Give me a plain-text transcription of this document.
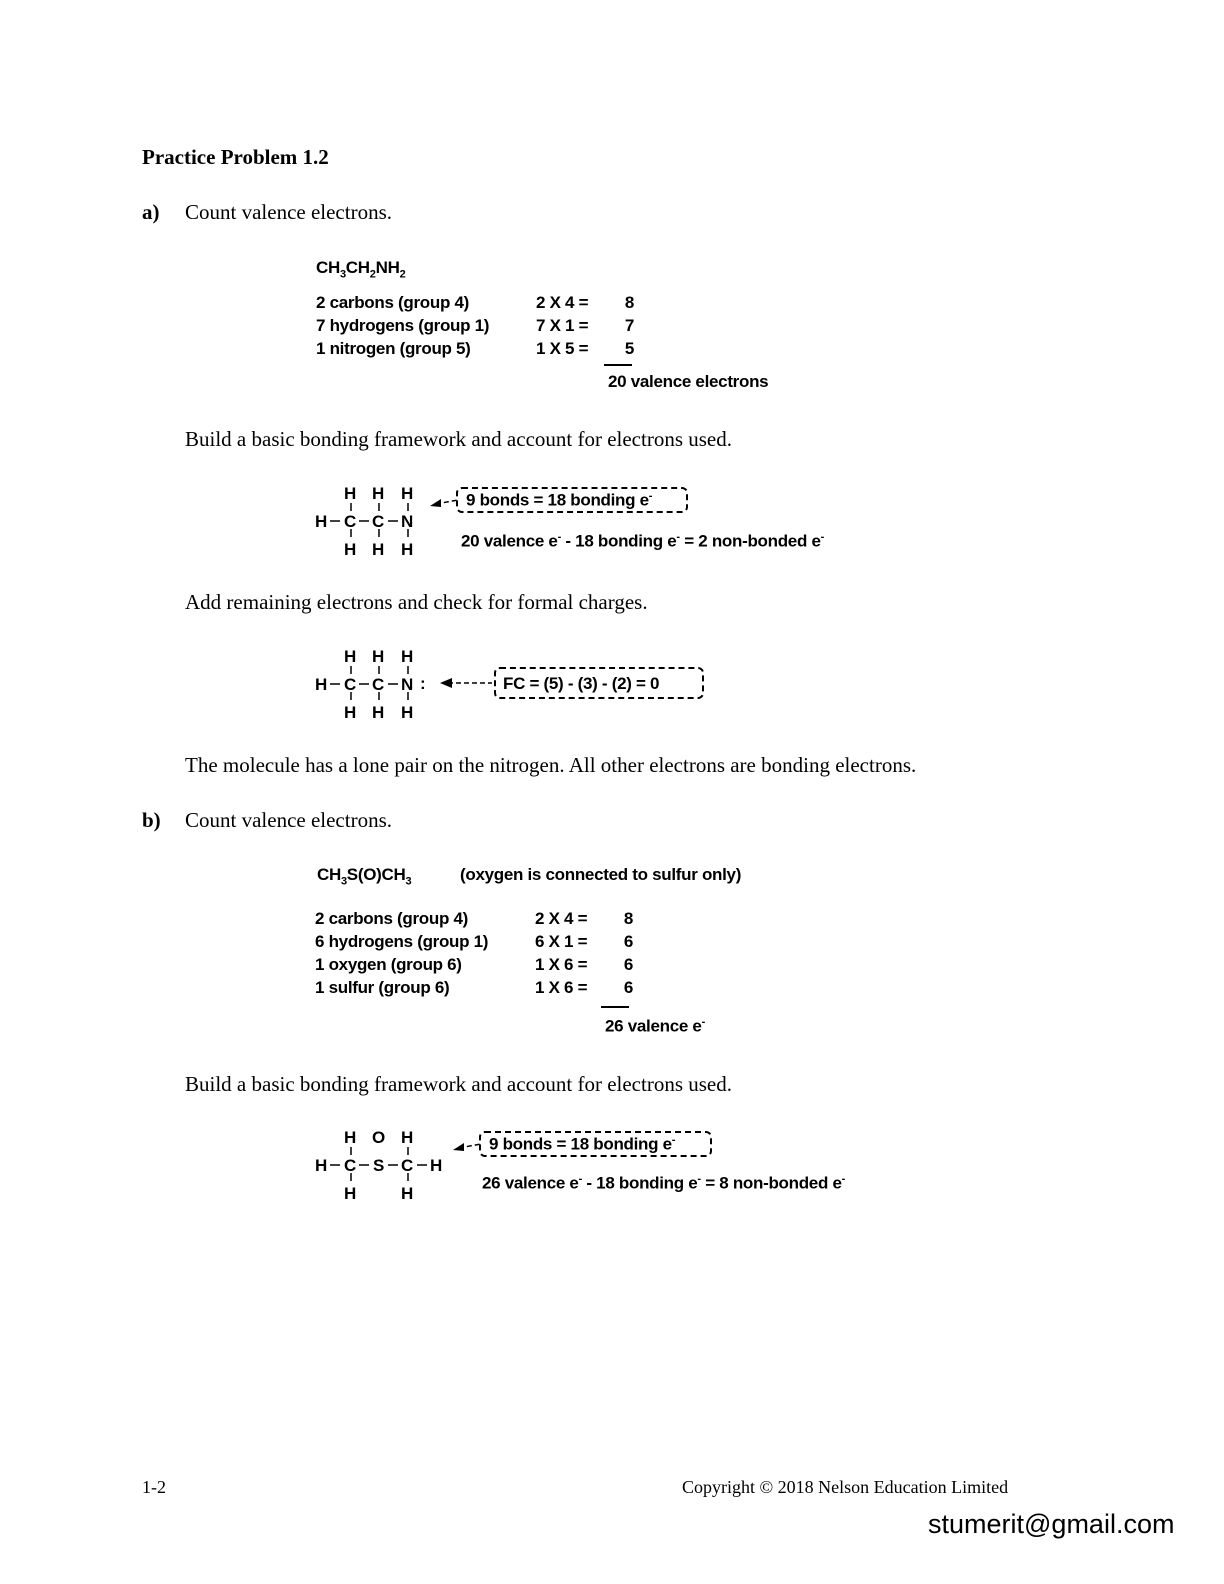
Practice Problem 1.2
a) Count valence electrons.
$CH_3CH_2NH_2$
2 carbons (group 4)	2 X 4 =	8
7 hydrogens (group 1)	7 X 1 =	7
1 nitrogen (group 5)	1 X 5 =	5
20 valence electrons
Build a basic bonding framework and account for electrons used.
H H H
H C C N
H H H
9 bonds = 18 bonding e-
20 valence e- - 18 bonding e- = 2 non-bonded e-
Add remaining electrons and check for formal charges.
H H H
H C C N :
H H H
FC = (5) - (3) - (2) = 0
The molecule has a lone pair on the nitrogen. All other electrons are bonding electrons.
b) Count valence electrons.
$CH_3S(O)CH_3$	(oxygen is connected to sulfur only)
2 carbons (group 4)	2 X 4 =	8
6 hydrogens (group 1)	6 X 1 =	6
1 oxygen (group 6)	1 X 6 =	6
1 sulfur (group 6)	1 X 6 =	6
26 valence e-
Build a basic bonding framework and account for electrons used.
H O H
H C S C H
H	H
9 bonds = 18 bonding e-
26 valence e- - 18 bonding e- = 8 non-bonded e-
1-2	Copyright © 2018 Nelson Education Limited
stumerit@gmail.com
